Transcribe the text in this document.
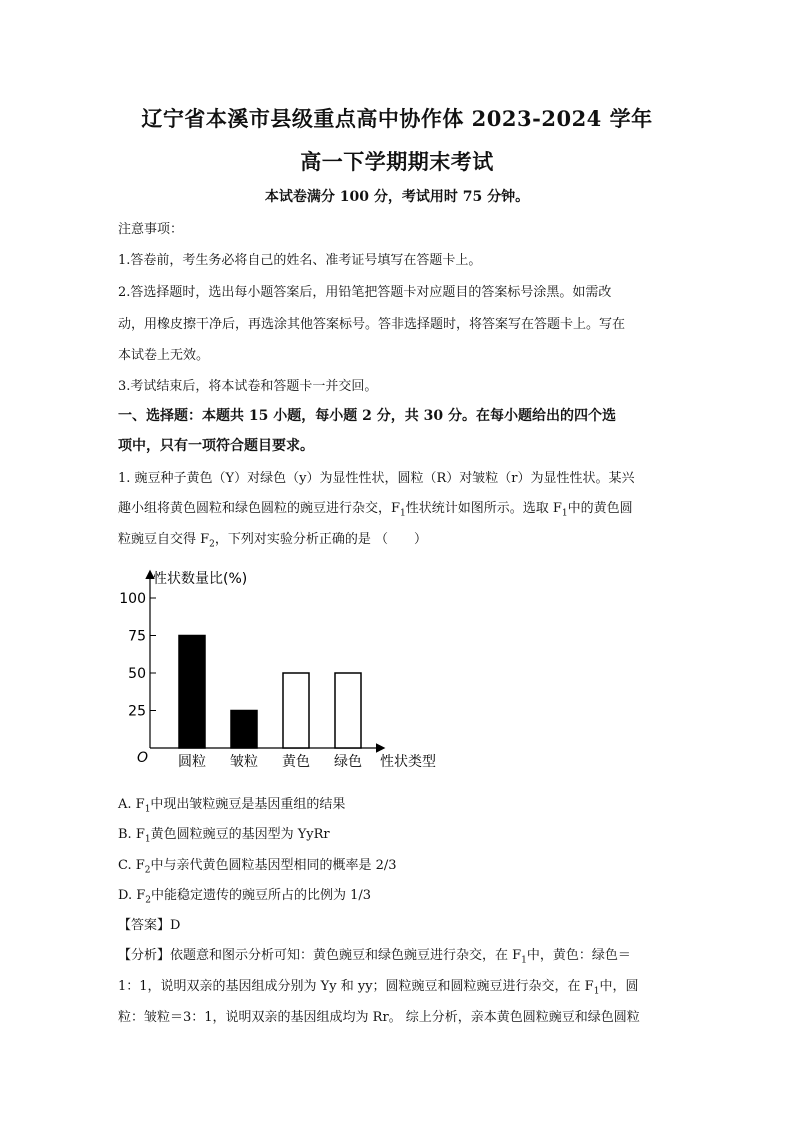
辽宁省本溪市县级重点高中协作体 2023-2024 学年
高一下学期期末考试
本试卷满分 100 分，考试用时 75 分钟。
注意事项：
1.答卷前，考生务必将自己的姓名、准考证号填写在答题卡上。
2.答选择题时，选出每小题答案后，用铅笔把答题卡对应题目的答案标号涂黑。如需改
动，用橡皮擦干净后，再选涂其他答案标号。答非选择题时，将答案写在答题卡上。写在
本试卷上无效。
3.考试结束后，将本试卷和答题卡一并交回。
一、选择题：本题共 15 小题，每小题 2 分，共 30 分。在每小题给出的四个选
项中，只有一项符合题目要求。
1. 豌豆种子黄色（Y）对绿色（y）为显性性状，圆粒（R）对皱粒（r）为显性性状。某兴
趣小组将黄色圆粒和绿色圆粒的豌豆进行杂交，$F_1$性状统计如图所示。选取 $F_1$中的黄色圆
粒豌豆自交得 $F_2$，下列对实验分析正确的是 （　　）
性状数量比(%)
性状类型
O
25
50
75
100
圆粒 皱粒 黄色 绿色
A. $F_1$中现出皱粒豌豆是基因重组的结果
B. $F_1$黄色圆粒豌豆的基因型为 YyRr
C. $F_2$中与亲代黄色圆粒基因型相同的概率是 2/3
D. $F_2$中能稳定遗传的豌豆所占的比例为 1/3
【答案】D
【分析】依题意和图示分析可知：黄色豌豆和绿色豌豆进行杂交，在 $F_1$中，黄色：绿色＝
1：1，说明双亲的基因组成分别为 Yy 和 yy；圆粒豌豆和圆粒豌豆进行杂交，在 $F_1$中，圆
粒：皱粒＝3：1，说明双亲的基因组成均为 Rr。 综上分析，亲本黄色圆粒豌豆和绿色圆粒
